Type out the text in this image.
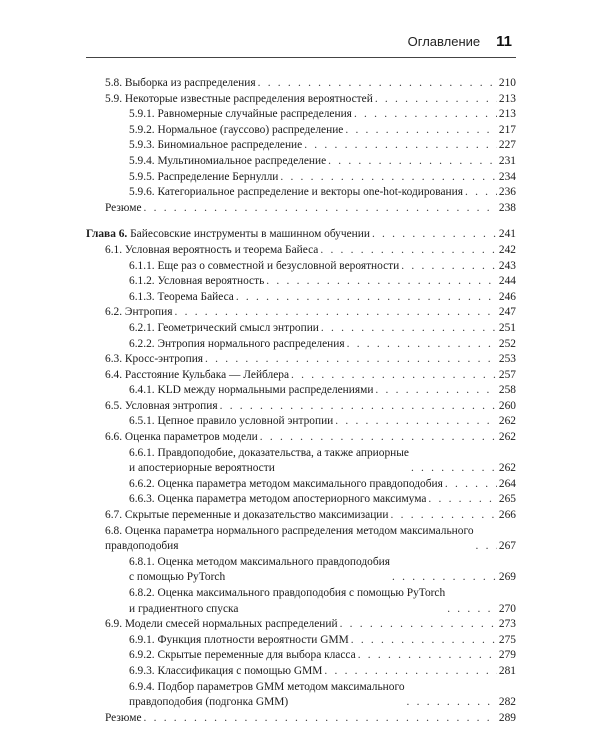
Оглавление 11
5.8. Выборка из распределения . . .	210
5.9. Некоторые известные распределения вероятностей . . .	213
5.9.1. Равномерные случайные распределения . . .	213
5.9.2. Нормальное (гауссово) распределение . . .	217
5.9.3. Биномиальное распределение . . .	227
5.9.4. Мультиномиальное распределение . . .	231
5.9.5. Распределение Бернулли . . .	234
5.9.6. Категориальное распределение и векторы one-hot-кодирования . . .	236
Резюме . . .	238
Глава 6. Байесовские инструменты в машинном обучении . . .	241
6.1. Условная вероятность и теорема Байеса . . .	242
6.1.1. Еще раз о совместной и безусловной вероятности . . .	243
6.1.2. Условная вероятность . . .	244
6.1.3. Теорема Байеса . . .	246
6.2. Энтропия . . .	247
6.2.1. Геометрический смысл энтропии . . .	251
6.2.2. Энтропия нормального распределения . . .	252
6.3. Кросс-энтропия . . .	253
6.4. Расстояние Кульбака — Лейблера . . .	257
6.4.1. KLD между нормальными распределениями . . .	258
6.5. Условная энтропия . . .	260
6.5.1. Цепное правило условной энтропии . . .	262
6.6. Оценка параметров модели . . .	262
6.6.1. Правдоподобие, доказательства, а также априорные
и апостериорные вероятности . . .	262
6.6.2. Оценка параметра методом максимального правдоподобия . . .	264
6.6.3. Оценка параметра методом апостериорного максимума . . .	265
6.7. Скрытые переменные и доказательство максимизации . . .	266
6.8. Оценка параметра нормального распределения методом максимального
правдоподобия . . .	267
6.8.1. Оценка методом максимального правдоподобия
с помощью PyTorch . . .	269
6.8.2. Оценка максимального правдоподобия с помощью PyTorch
и градиентного спуска . . .	270
6.9. Модели смесей нормальных распределений . . .	273
6.9.1. Функция плотности вероятности GMM . . .	275
6.9.2. Скрытые переменные для выбора класса . . .	279
6.9.3. Классификация с помощью GMM . . .	281
6.9.4. Подбор параметров GMM методом максимального
правдоподобия (подгонка GMM) . . .	282
Резюме . . .	289
